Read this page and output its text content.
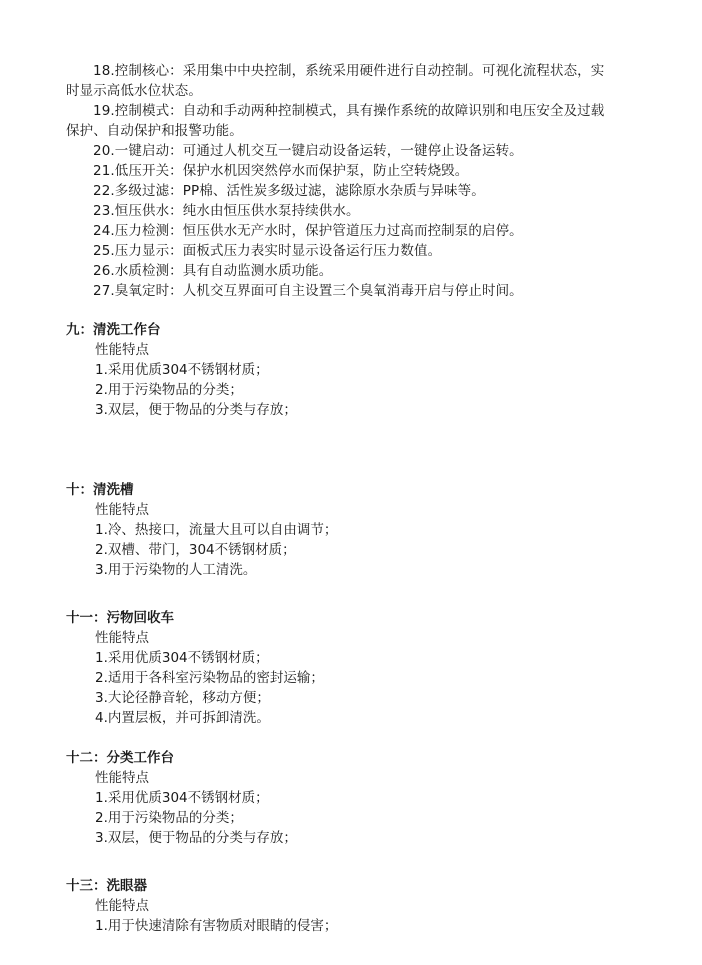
18.控制核心：采用集中中央控制，系统采用硬件进行自动控制。可视化流程状态，实时显示高低水位状态。

19.控制模式：自动和手动两种控制模式，具有操作系统的故障识别和电压安全及过载保护、自动保护和报警功能。

20.一键启动：可通过人机交互一键启动设备运转，一键停止设备运转。

21.低压开关：保护水机因突然停水而保护泵，防止空转烧毁。

22.多级过滤：PP棉、活性炭多级过滤，滤除原水杂质与异味等。

23.恒压供水：纯水由恒压供水泵持续供水。

24.压力检测：恒压供水无产水时，保护管道压力过高而控制泵的启停。

25.压力显示：面板式压力表实时显示设备运行压力数值。

26.水质检测：具有自动监测水质功能。

27.臭氧定时：人机交互界面可自主设置三个臭氧消毒开启与停止时间。

九：清洗工作台

性能特点

1.采用优质304不锈钢材质；

2.用于污染物品的分类；

3.双层，便于物品的分类与存放；

十：清洗槽

性能特点

1.冷、热接口，流量大且可以自由调节；

2.双槽、带门，304不锈钢材质；

3.用于污染物的人工清洗。

十一：污物回收车

性能特点

1.采用优质304不锈钢材质；

2.适用于各科室污染物品的密封运输；

3.大论径静音轮，移动方便；

4.内置层板，并可拆卸清洗。

十二：分类工作台

性能特点

1.采用优质304不锈钢材质；

2.用于污染物品的分类；

3.双层，便于物品的分类与存放；

十三：洗眼器

性能特点

1.用于快速清除有害物质对眼睛的侵害；
